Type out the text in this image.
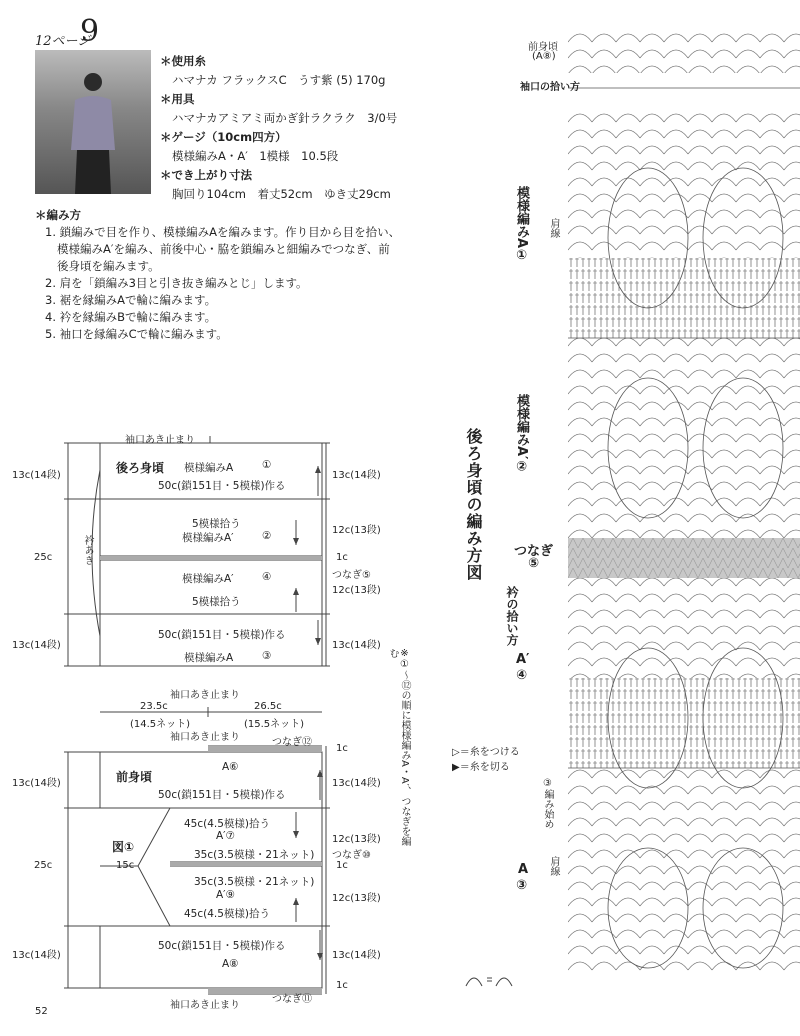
12ページ
9
＊使用糸
ハマナカ フラックスC　うす紫 (5) 170g
＊用具
ハマナカアミアミ両かぎ針ラクラク　3/0号
＊ゲージ（10cm四方）
模様編みA・A′　1模様　10.5段
＊でき上がり寸法
胸回り104cm　着丈52cm　ゆき丈29cm
＊編み方
1. 鎖編みで目を作り、模様編みAを編みます。作り目から目を拾い、
模様編みA′を編み、前後中心・脇を鎖編みと細編みでつなぎ、前
後身頃を編みます。
2. 肩を「鎖編み3目と引き抜き編みとじ」します。
3. 裾を縁編みAで輪に編みます。
4. 衿を縁編みBで輪に編みます。
5. 袖口を縁編みCで輪に編みます。
袖口あき止まり
後ろ身頃 模様編みA	①
50c(鎖151目・5模様)作る
5模様拾う
模様編みA′	②
模様編みA′	④
5模様拾う
50c(鎖151目・5模様)作る
模様編みA	③
袖口あき止まり
13c(14段)
12c(13段)
1c
つなぎ⑤
12c(13段)
13c(14段)
13c(14段)
25c
13c(14段)
衿あき
23.5c
(14.5ネット)
26.5c
(15.5ネット)
袖口あき止まり	つなぎ⑫
1c
前身頃
A⑥
50c(鎖151目・5模様)作る
13c(14段)
45c(4.5模様)拾う
A′⑦	12c(13段)
図①
35c(3.5模様・21ネット) つなぎ⑩
1c
15c
35c(3.5模様・21ネット)
A′⑨	12c(13段)
45c(4.5模様)拾う
50c(鎖151目・5模様)作る
13c(14段)
A⑧
1c
つなぎ⑪
袖口あき止まり
13c(14段)
25c
13c(14段)
※①〜⑫の順に模様編みA・A′、つなぎを編む
後ろ身頃の編み方図
前身頃
(A⑧)
袖口の拾い方
模様編みA① 肩線
模様編みA′②
つなぎ
⑤
衿の拾い方
A′
④
③編み始め
肩線
A
③
▷＝糸をつける
▶＝糸を切る
52
